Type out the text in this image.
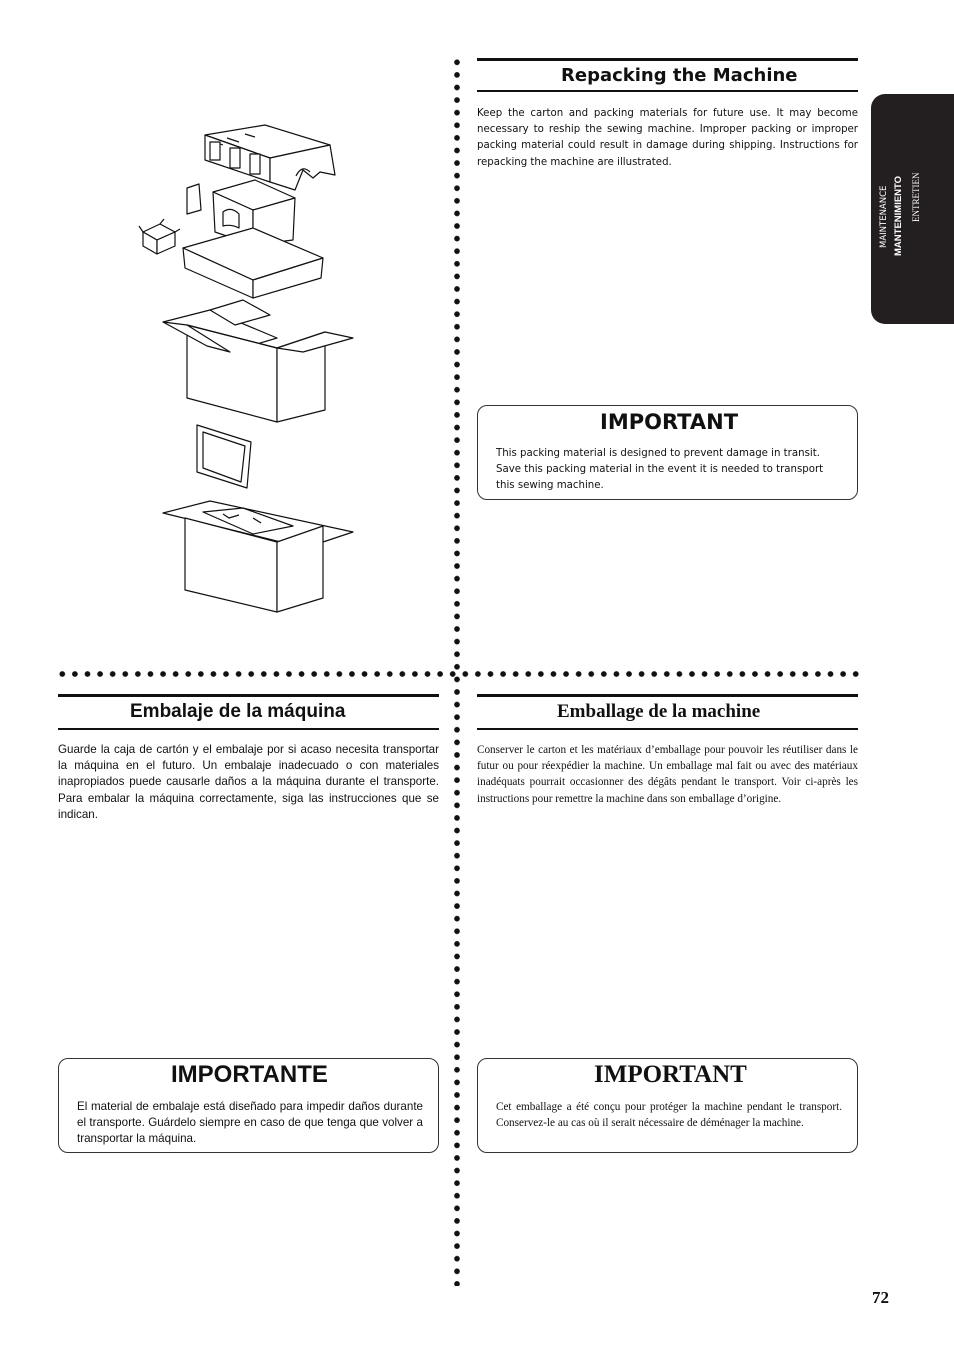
MAINTENANCE MANTENIMIENTO ENTRETIEN
Repacking the Machine
Keep the carton and packing materials for future use. It may become necessary to reship the sewing machine. Improper packing or improper packing material could result in damage during shipping. Instructions for repacking the machine are illustrated.
IMPORTANT
This packing material is designed to prevent damage in transit. Save this packing material in the event it is needed to transport this sewing machine.
Embalaje de la máquina
Guarde la caja de cartón y el embalaje por si acaso necesita transportar la máquina en el futuro. Un embalaje inadecuado o con materiales inapropiados puede causarle daños a la máquina durante el transporte. Para embalar la máquina correctamente, siga las instrucciones que se indican.
IMPORTANTE
El material de embalaje está diseñado para impedir daños durante el transporte. Guárdelo siempre en caso de que tenga que volver a transportar la máquina.
Emballage de la machine
Conserver le carton et les matériaux d’emballage pour pouvoir les réutiliser dans le futur ou pour réexpédier la machine. Un emballage mal fait ou avec des matériaux inadéquats pourrait occasionner des dégâts pendant le transport. Voir ci-après les instructions pour remettre la machine dans son emballage d’origine.
IMPORTANT
Cet emballage a été conçu pour protéger la machine pendant le transport. Conservez-le au cas où il serait nécessaire de déménager la machine.
72
